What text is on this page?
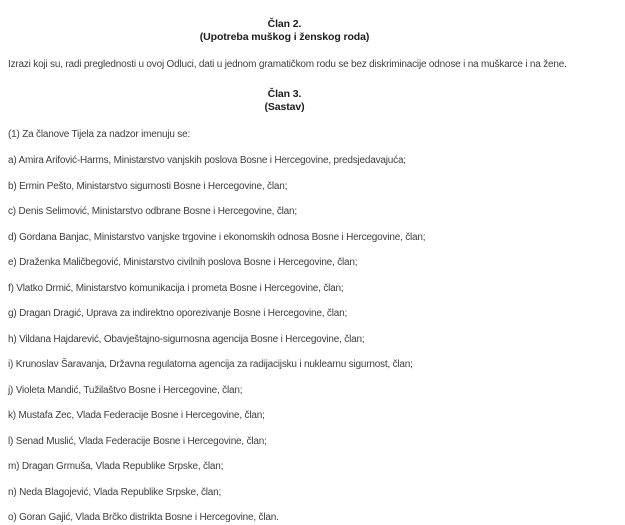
Član 2.
(Upotreba muškog i ženskog roda)

Izrazi koji su, radi preglednosti u ovoj Odluci, dati u jednom gramatičkom rodu se bez diskriminacije odnose i na muškarce i na žene.

Član 3.
(Sastav)

(1) Za članove Tijela za nadzor imenuju se:

a) Amira Arifović-Harms, Ministarstvo vanjskih poslova Bosne i Hercegovine, predsjedavajuća;

b) Ermin Pešto, Ministarstvo sigurnosti Bosne i Hercegovine, član;

c) Denis Selimović, Ministarstvo odbrane Bosne i Hercegovine, član;

d) Gordana Banjac, Ministarstvo vanjske trgovine i ekonomskih odnosa Bosne i Hercegovine, član;

e) Draženka Maličbegović, Ministarstvo civilnih poslova Bosne i Hercegovine, član;

f) Vlatko Drmić, Ministarstvo komunikacija i prometa Bosne i Hercegovine, član;

g) Dragan Dragić, Uprava za indirektno oporezivanje Bosne i Hercegovine, član;

h) Vildana Hajdarević, Obavještajno-sigurnosna agencija Bosne i Hercegovine, član;

i) Krunoslav Šaravanja, Državna regulatorna agencija za radijacijsku i nuklearnu sigurnost, član;

j) Violeta Mandić, Tužilaštvo Bosne i Hercegovine, član;

k) Mustafa Zec, Vlada Federacije Bosne i Hercegovine, član;

l) Senad Muslić, Vlada Federacije Bosne i Hercegovine, član;

m) Dragan Grmuša, Vlada Republike Srpske, član;

n) Neda Blagojević, Vlada Republike Srpske, član;

o) Goran Gajić, Vlada Brčko distrikta Bosne i Hercegovine, član.
